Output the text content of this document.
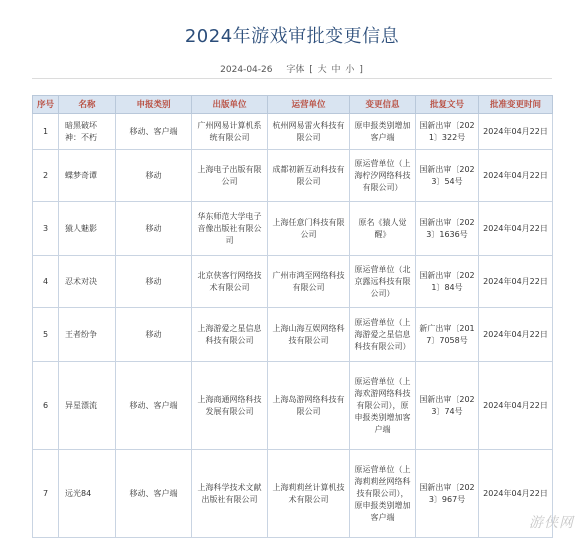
2024年游戏审批变更信息
2024-04-26 字体 [ 大 中 小 ]
序号	名称	申报类别	出版单位	运营单位	变更信息	批复文号	批准变更时间
1	暗黑破坏神：不朽	移动、客户端	广州网易计算机系统有限公司	杭州网易雷火科技有限公司	原申报类别增加客户端	国新出审〔2021〕322号	2024年04月22日
2	蝶梦奇谭	移动	上海电子出版有限公司	成都初新互动科技有限公司	原运营单位（上海柠汐网络科技有限公司）	国新出审〔2023〕54号	2024年04月22日
3	猿人魅影	移动	华东师范大学电子音像出版社有限公司	上海任意门科技有限公司	原名《猿人觉醒》	国新出审〔2023〕1636号	2024年04月22日
4	忍术对决	移动	北京侠客行网络技术有限公司	广州市鸿至网络科技有限公司	原运营单位（北京露远科技有限公司）	国新出审〔2021〕84号	2024年04月22日
5	王者纷争	移动	上海游爱之星信息科技有限公司	上海山海互娱网络科技有限公司	原运营单位（上海游爱之星信息科技有限公司）	新广出审〔2017〕7058号	2024年04月22日
6	异星漂流	移动、客户端	上海商通网络科技发展有限公司	上海岛游网络科技有限公司	原运营单位（上海欢游网络科技有限公司），原申报类别增加客户端	国新出审〔2023〕74号	2024年04月22日
7	远光84	移动、客户端	上海科学技术文献出版社有限公司	上海莉莉丝计算机技术有限公司	原运营单位（上海莉莉丝网络科技有限公司），原申报类别增加客户端	国新出审〔2023〕967号	2024年04月22日
游侠网
